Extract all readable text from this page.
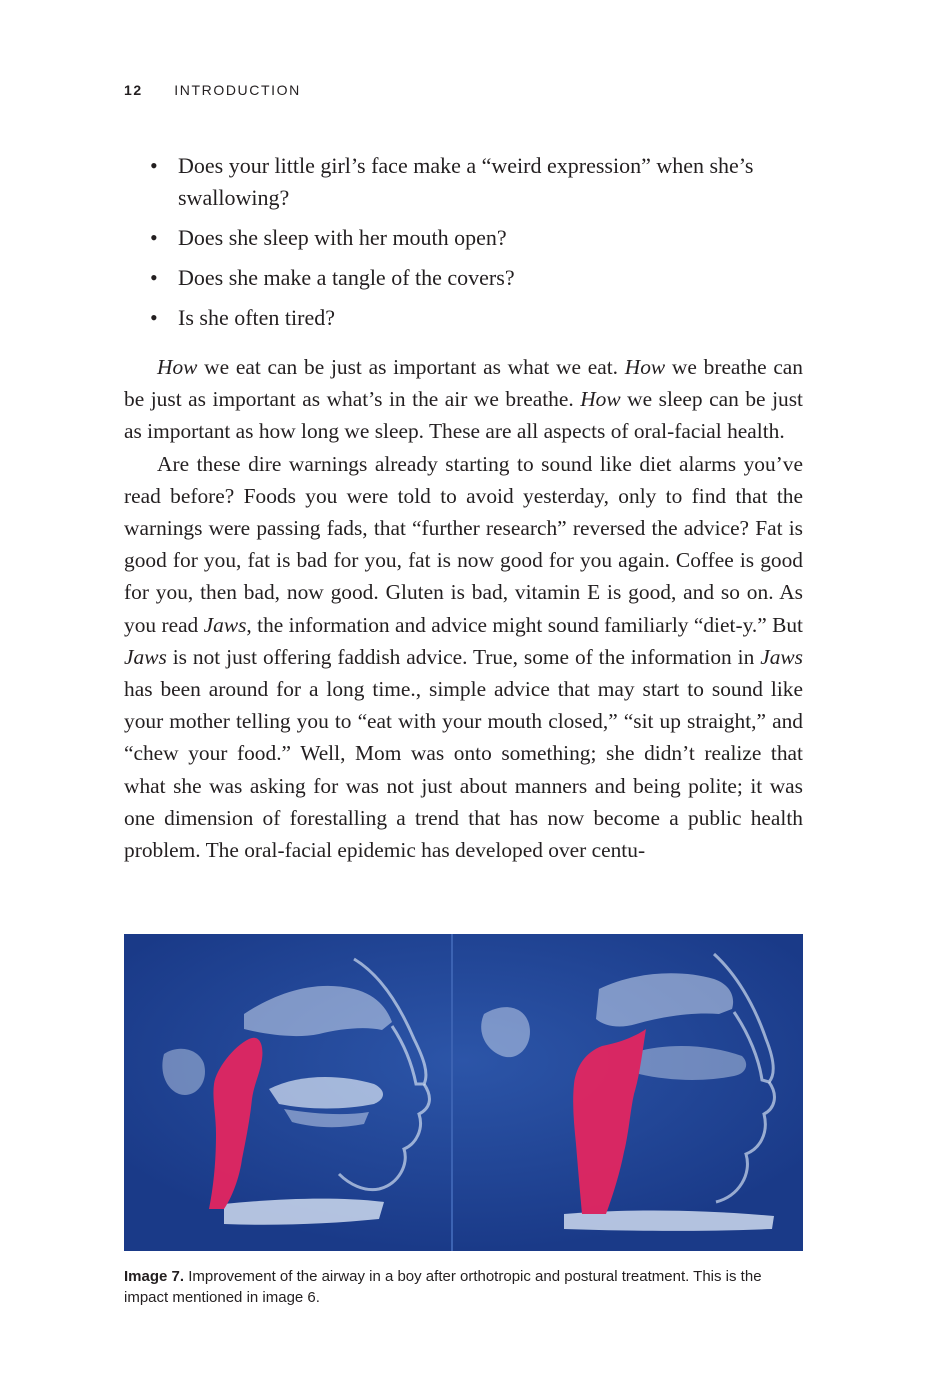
12 INTRODUCTION
• Does your little girl’s face make a “weird expression” when she’s swallowing?
• Does she sleep with her mouth open?
• Does she make a tangle of the covers?
• Is she often tired?

How we eat can be just as important as what we eat. How we breathe can be just as important as what’s in the air we breathe. How we sleep can be just as important as how long we sleep. These are all aspects of oral-facial health.

Are these dire warnings already starting to sound like diet alarms you’ve read before? Foods you were told to avoid yesterday, only to find that the warnings were passing fads, that “further research” reversed the advice? Fat is good for you, fat is bad for you, fat is now good for you again. Coffee is good for you, then bad, now good. Gluten is bad, vitamin E is good, and so on. As you read Jaws, the information and advice might sound familiarly “diet-y.” But Jaws is not just offering faddish advice. True, some of the information in Jaws has been around for a long time., simple advice that may start to sound like your mother telling you to “eat with your mouth closed,” “sit up straight,” and “chew your food.” Well, Mom was onto something; she didn’t realize that what she was asking for was not just about manners and being polite; it was one dimension of forestalling a trend that has now become a public health problem. The oral-facial epidemic has developed over centu-

Image 7. Improvement of the airway in a boy after orthotropic and postural treatment. This is the impact mentioned in image 6.
